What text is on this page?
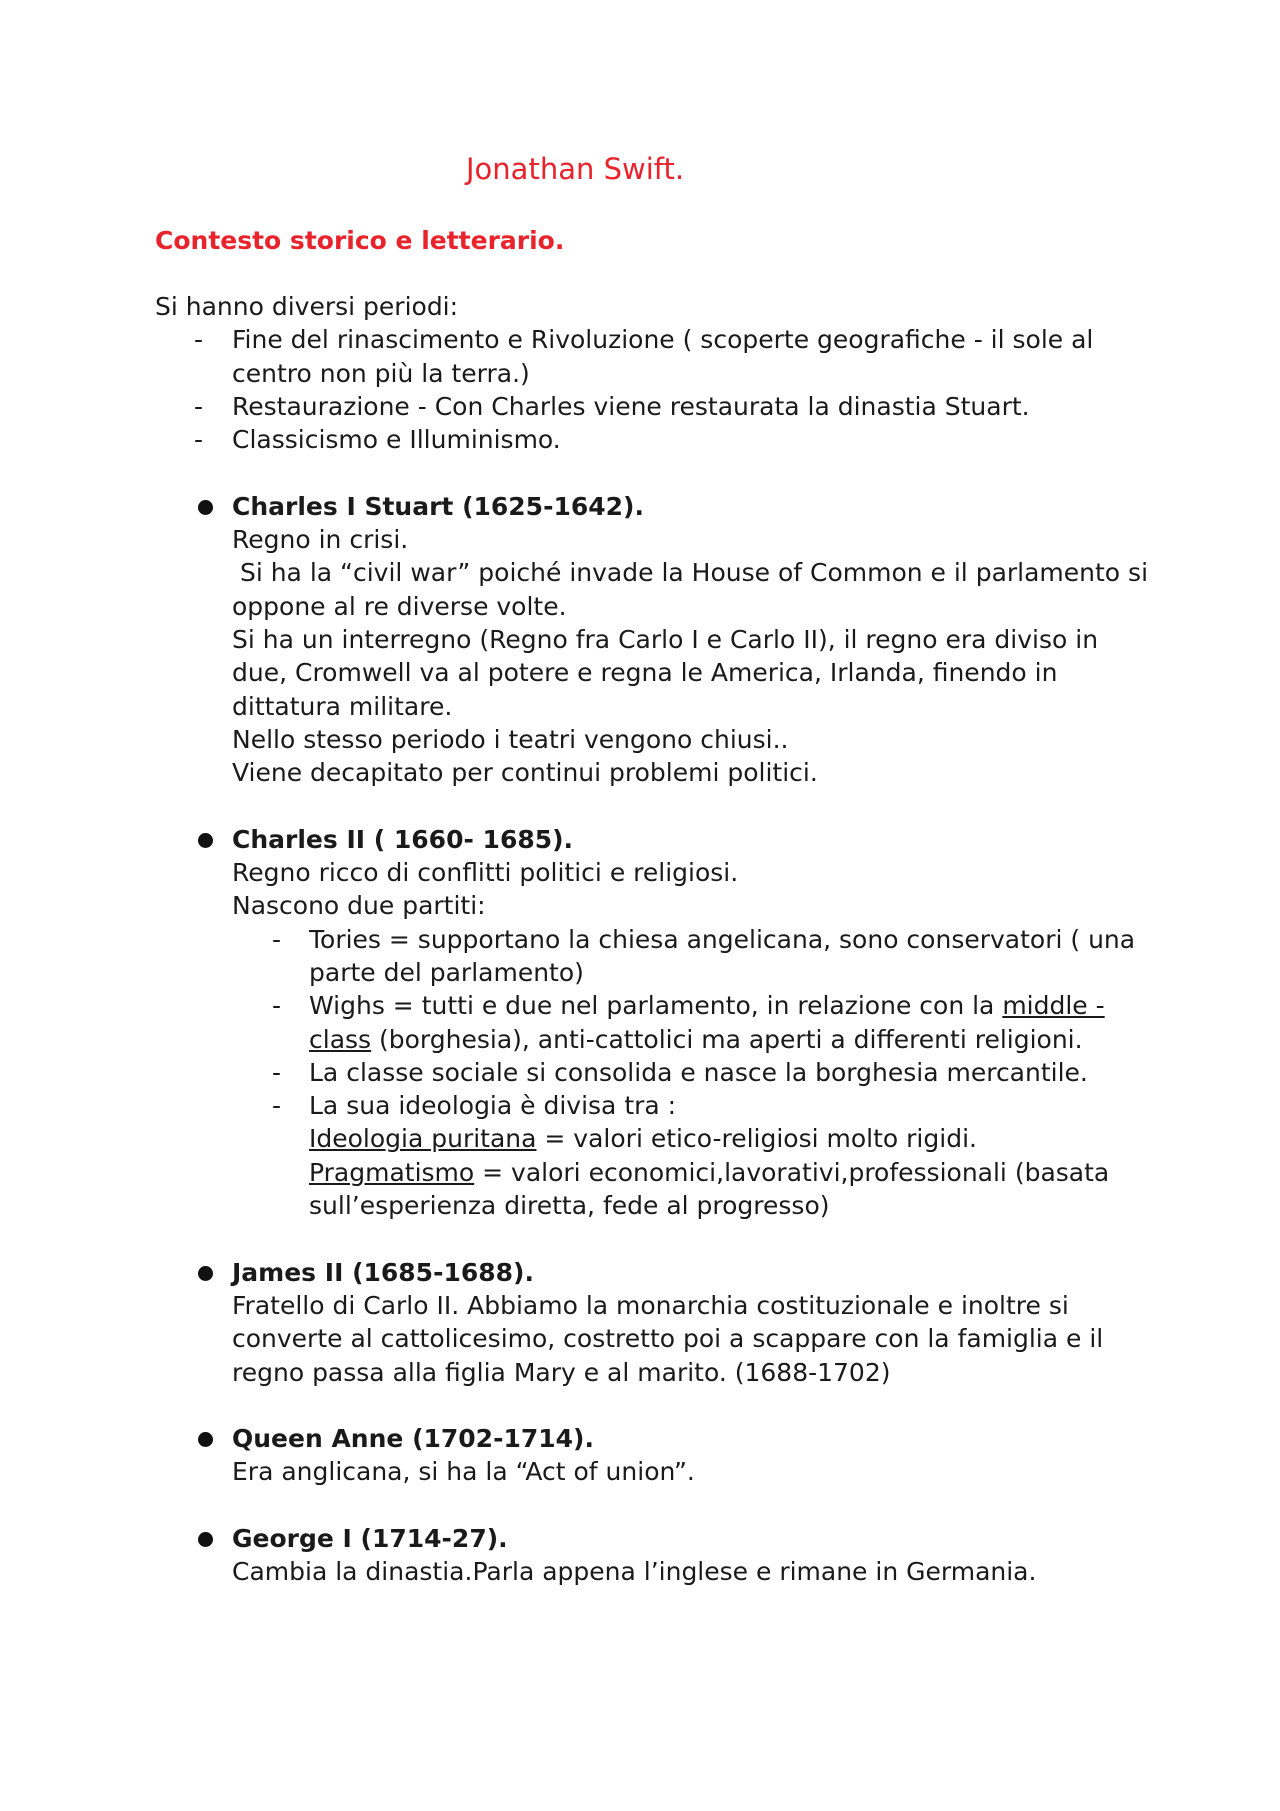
Jonathan Swift.
Contesto storico e letterario.

Si hanno diversi periodi:

- Fine del rinascimento e Rivoluzione ( scoperte geografiche - il sole al centro non più la terra.)
- Restaurazione - Con Charles viene restaurata la dinastia Stuart.
- Classicismo e Illuminismo.

Charles I Stuart (1625-1642).

Regno in crisi.

Si ha la “civil war” poiché invade la House of Common e il parlamento si oppone al re diverse volte.

Si ha un interregno (Regno fra Carlo I e Carlo II), il regno era diviso in due, Cromwell va al potere e regna le America, Irlanda, finendo in dittatura militare.

Nello stesso periodo i teatri vengono chiusi..

Viene decapitato per continui problemi politici.

Charles II ( 1660- 1685).

Regno ricco di conflitti politici e religiosi.

Nascono due partiti:

- Tories = supportano la chiesa angelicana, sono conservatori ( una parte del parlamento)
- Wighs = tutti e due nel parlamento, in relazione con la middle - class (borghesia), anti-cattolici ma aperti a differenti religioni.
- La classe sociale si consolida e nasce la borghesia mercantile.
- La sua ideologia è divisa tra :
Ideologia puritana = valori etico-religiosi molto rigidi.
Pragmatismo = valori economici,lavorativi,professionali (basata sull’esperienza diretta, fede al progresso)

James II (1685-1688).

Fratello di Carlo II. Abbiamo la monarchia costituzionale e inoltre si converte al cattolicesimo, costretto poi a scappare con la famiglia e il regno passa alla figlia Mary e al marito. (1688-1702)

Queen Anne (1702-1714).

Era anglicana, si ha la “Act of union”.

George I (1714-27).

Cambia la dinastia.Parla appena l’inglese e rimane in Germania.
